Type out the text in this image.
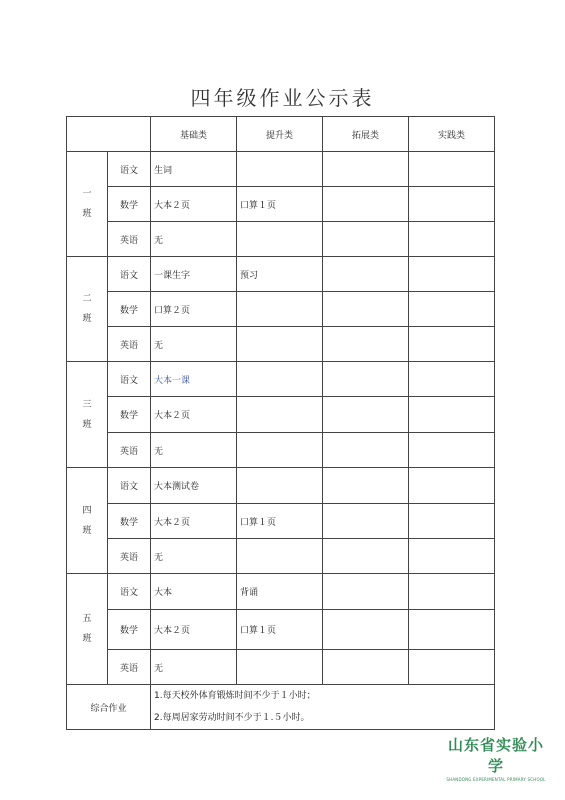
四年级作业公示表
		基础类	提升类	拓展类	实践类

一
班	语文	生词			
	数学	大本２页	口算１页		
	英语	无			

二
班	语文	一课生字	预习		
	数学	口算２页			
	英语	无			

三
班	语文	大本一课			
	数学	大本２页			
	英语	无			

四
班	语文	大本测试卷			
	数学	大本２页	口算１页		
	英语	无			

五
班	语文	大本	背诵		
	数学	大本２页	口算１页		
	英语	无			
综合作业		1.每天校外体育锻炼时间不少于１小时；
2.每周居家劳动时间不少于１.５小时。			
山东省实验小学
SHANDONG EXPERIMENTAL PRIMARY SCHOOL
